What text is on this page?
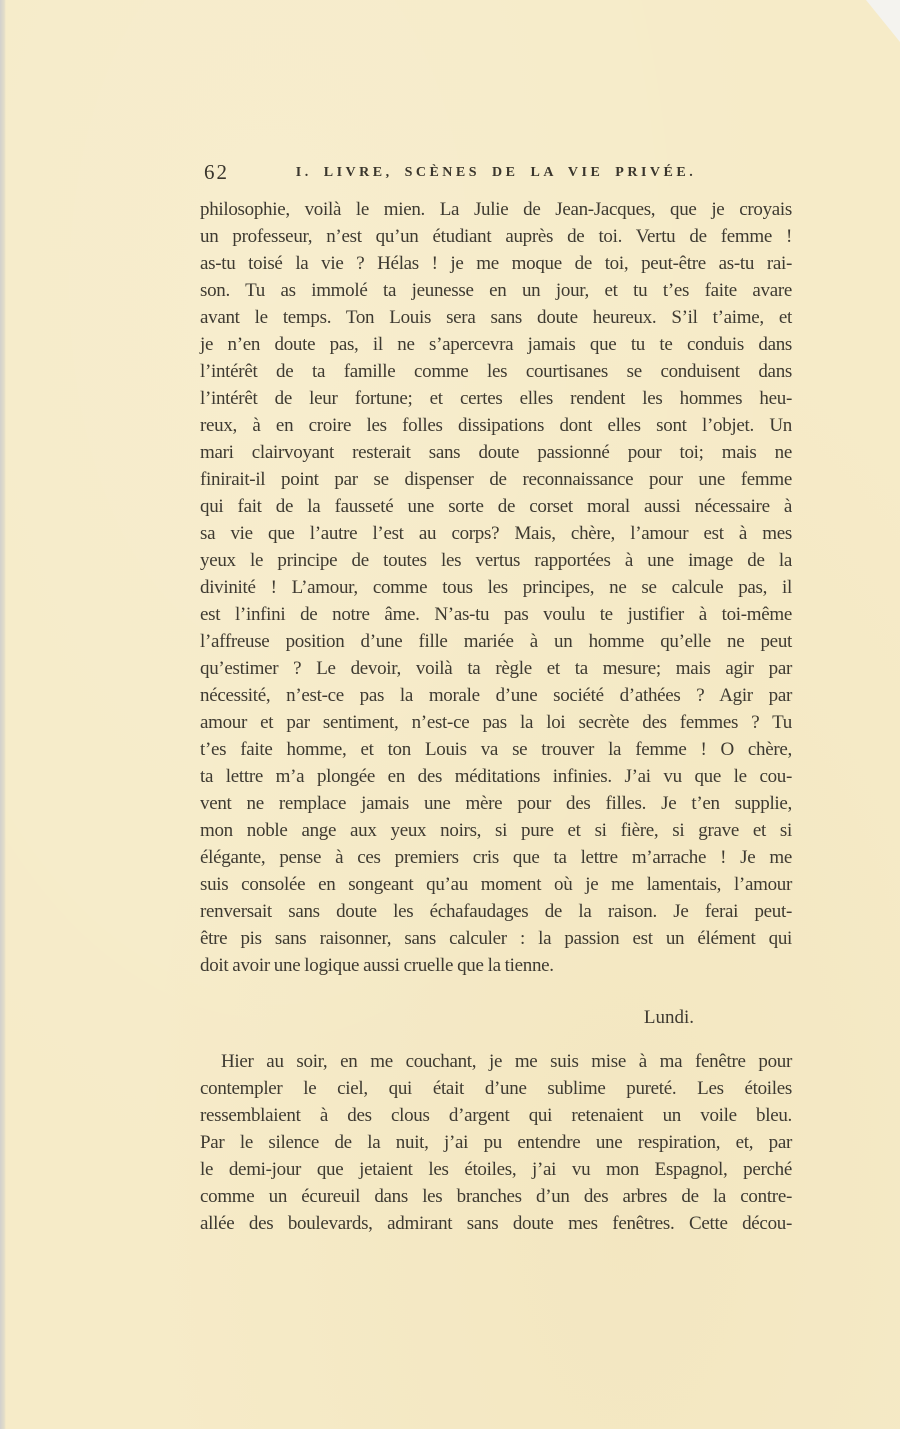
62	I. LIVRE, SCÈNES DE LA VIE PRIVÉE.
philosophie, voilà le mien. La Julie de Jean-Jacques, que je croyais
un professeur, n’est qu’un étudiant auprès de toi. Vertu de femme !
as-tu toisé la vie ? Hélas ! je me moque de toi, peut-être as-tu rai-
son. Tu as immolé ta jeunesse en un jour, et tu t’es faite avare
avant le temps. Ton Louis sera sans doute heureux. S’il t’aime, et
je n’en doute pas, il ne s’apercevra jamais que tu te conduis dans
l’intérêt de ta famille comme les courtisanes se conduisent dans
l’intérêt de leur fortune; et certes elles rendent les hommes heu-
reux, à en croire les folles dissipations dont elles sont l’objet. Un
mari clairvoyant resterait sans doute passionné pour toi; mais ne
finirait-il point par se dispenser de reconnaissance pour une femme
qui fait de la fausseté une sorte de corset moral aussi nécessaire à
sa vie que l’autre l’est au corps? Mais, chère, l’amour est à mes
yeux le principe de toutes les vertus rapportées à une image de la
divinité ! L’amour, comme tous les principes, ne se calcule pas, il
est l’infini de notre âme. N’as-tu pas voulu te justifier à toi-même
l’affreuse position d’une fille mariée à un homme qu’elle ne peut
qu’estimer ? Le devoir, voilà ta règle et ta mesure; mais agir par
nécessité, n’est-ce pas la morale d’une société d’athées ? Agir par
amour et par sentiment, n’est-ce pas la loi secrète des femmes ? Tu
t’es faite homme, et ton Louis va se trouver la femme ! O chère,
ta lettre m’a plongée en des méditations infinies. J’ai vu que le cou-
vent ne remplace jamais une mère pour des filles. Je t’en supplie,
mon noble ange aux yeux noirs, si pure et si fière, si grave et si
élégante, pense à ces premiers cris que ta lettre m’arrache ! Je me
suis consolée en songeant qu’au moment où je me lamentais, l’amour
renversait sans doute les échafaudages de la raison. Je ferai peut-
être pis sans raisonner, sans calculer : la passion est un élément qui
doit avoir une logique aussi cruelle que la tienne.
Lundi.
Hier au soir, en me couchant, je me suis mise à ma fenêtre pour
contempler le ciel, qui était d’une sublime pureté. Les étoiles
ressemblaient à des clous d’argent qui retenaient un voile bleu.
Par le silence de la nuit, j’ai pu entendre une respiration, et, par
le demi-jour que jetaient les étoiles, j’ai vu mon Espagnol, perché
comme un écureuil dans les branches d’un des arbres de la contre-
allée des boulevards, admirant sans doute mes fenêtres. Cette décou-
